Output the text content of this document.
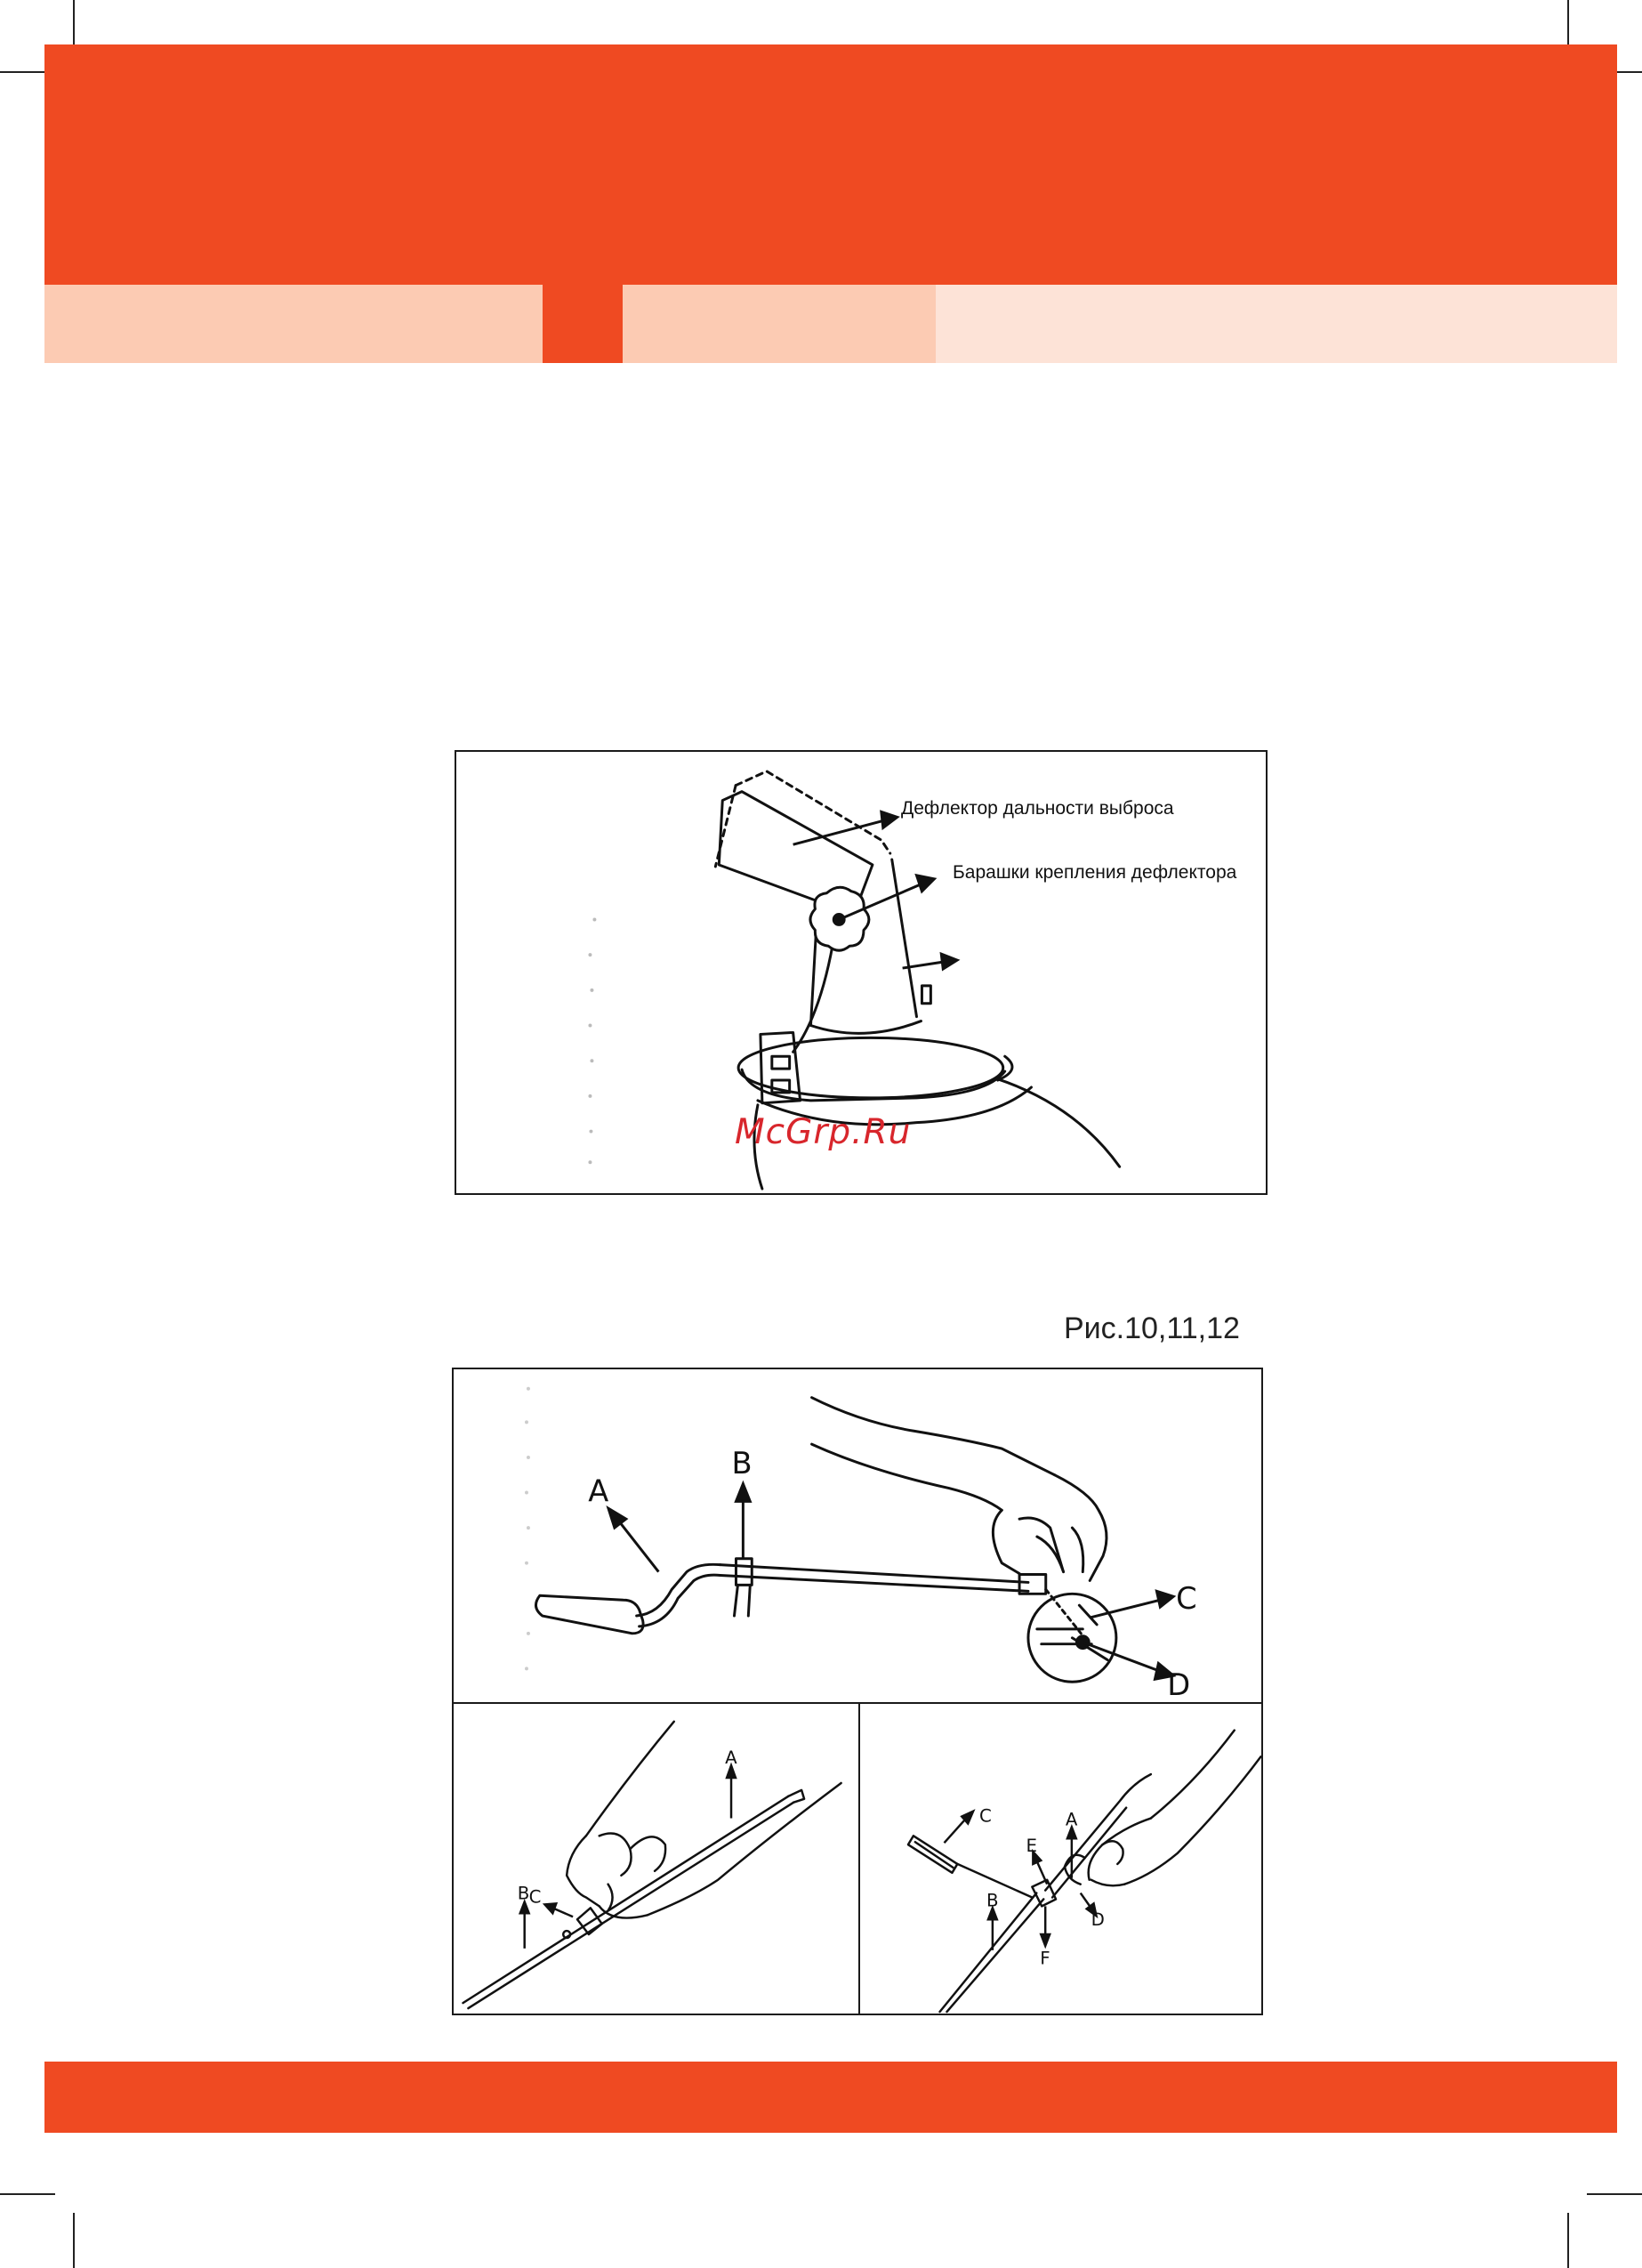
Дефлектор дальности выброса
Барашки крепления дефлектора
McGrp.Ru
Рис.10,11,12
A
B
C
D
A
B C
C	A
B
E
D
F
